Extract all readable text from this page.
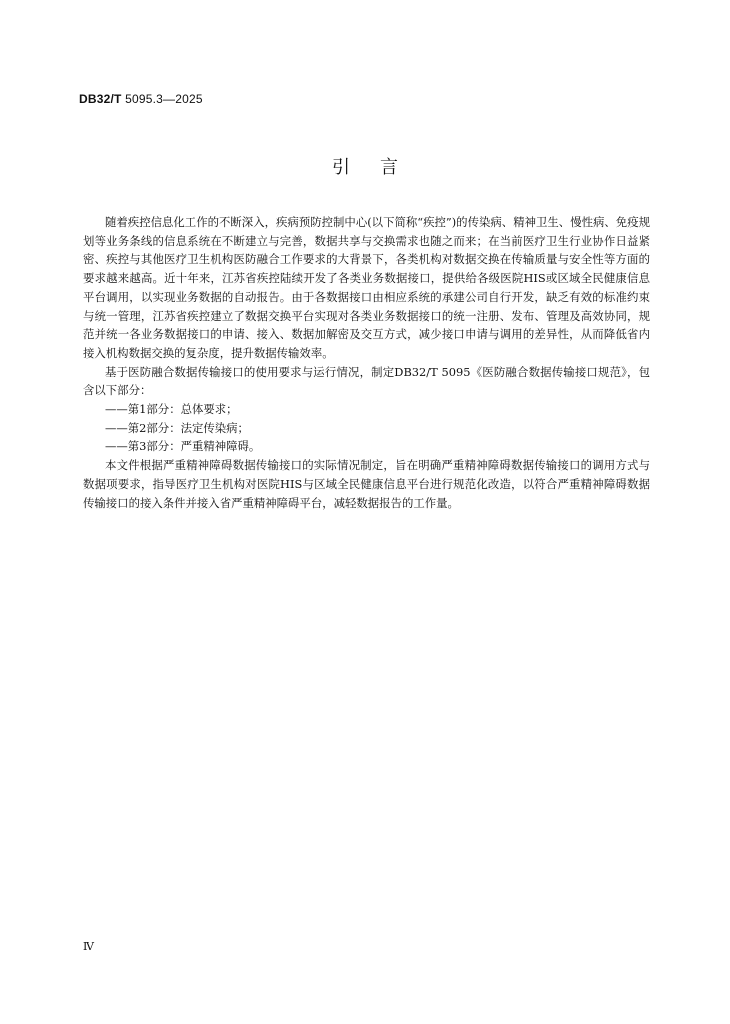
DB32/T 5095.3—2025
引言

随着疾控信息化工作的不断深入，疾病预防控制中心(以下简称“疾控”)的传染病、精神卫生、慢性病、免疫规划等业务条线的信息系统在不断建立与完善，数据共享与交换需求也随之而来；在当前医疗卫生行业协作日益紧密、疾控与其他医疗卫生机构医防融合工作要求的大背景下，各类机构对数据交换在传输质量与安全性等方面的要求越来越高。近十年来，江苏省疾控陆续开发了各类业务数据接口，提供给各级医院HIS或区域全民健康信息平台调用，以实现业务数据的自动报告。由于各数据接口由相应系统的承建公司自行开发，缺乏有效的标准约束与统一管理，江苏省疾控建立了数据交换平台实现对各类业务数据接口的统一注册、发布、管理及高效协同，规范并统一各业务数据接口的申请、接入、数据加解密及交互方式，减少接口申请与调用的差异性，从而降低省内接入机构数据交换的复杂度，提升数据传输效率。

基于医防融合数据传输接口的使用要求与运行情况，制定DB32/T 5095《医防融合数据传输接口规范》，包含以下部分：

——第1部分：总体要求；

——第2部分：法定传染病；

——第3部分：严重精神障碍。

本文件根据严重精神障碍数据传输接口的实际情况制定，旨在明确严重精神障碍数据传输接口的调用方式与数据项要求，指导医疗卫生机构对医院HIS与区域全民健康信息平台进行规范化改造，以符合严重精神障碍数据传输接口的接入条件并接入省严重精神障碍平台，减轻数据报告的工作量。

Ⅳ
